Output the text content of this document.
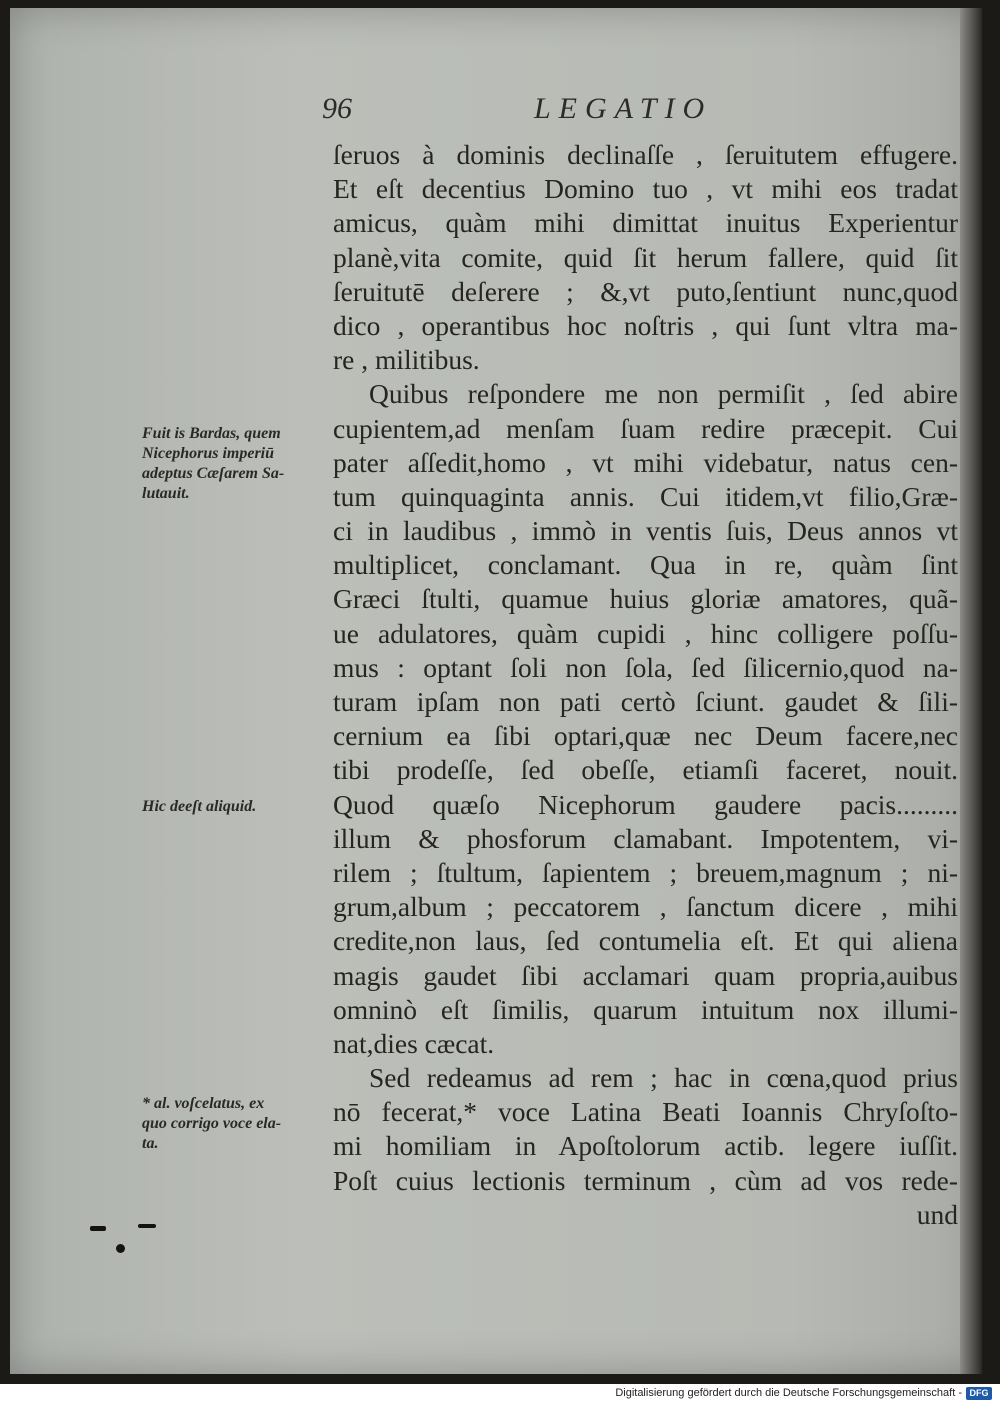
96	LEGATIO
ſeruos à dominis declinaſſe , ſeruitutem effugere.
Et eſt decentius Domino tuo , vt mihi eos tradat
amicus, quàm mihi dimittat inuitus Experientur
planè,vita comite, quid ſit herum fallere, quid ſit
ſeruitutē deſerere ; &,vt puto,ſentiunt nunc,quod
dico , operantibus hoc noſtris , qui ſunt vltra ma-
re , militibus.
Quibus reſpondere me non permiſit , ſed abire
cupientem,ad menſam ſuam redire præcepit. Cui
pater aſſedit,homo , vt mihi videbatur, natus cen-
tum quinquaginta annis. Cui itidem,vt filio,Græ-
ci in laudibus , immò in ventis ſuis, Deus annos vt
multiplicet, conclamant. Qua in re, quàm ſint
Græci ſtulti, quamue huius gloriæ amatores, quã-
ue adulatores, quàm cupidi , hinc colligere poſſu-
mus : optant ſoli non ſola, ſed ſilicernio,quod na-
turam ipſam non pati certò ſciunt. gaudet & ſili-
cernium ea ſibi optari,quæ nec Deum facere,nec
tibi prodeſſe, ſed obeſſe, etiamſi faceret, nouit.
Quod quæſo Nicephorum gaudere pacis.........
illum & phosforum clamabant. Impotentem, vi-
rilem ; ſtultum, ſapientem ; breuem,magnum ; ni-
grum,album ; peccatorem , ſanctum dicere , mihi
credite,non laus, ſed contumelia eſt. Et qui aliena
magis gaudet ſibi acclamari quam propria,auibus
omninò eſt ſimilis, quarum intuitum nox illumi-
nat,dies cæcat.
Sed redeamus ad rem ; hac in cœna,quod prius
nō fecerat,* voce Latina Beati Ioannis Chryſoſto-
mi homiliam in Apoſtolorum actib. legere iuſſit.
Poſt cuius lectionis terminum , cùm ad vos rede-
und
Fuit is Bardas, quem
Nicephorus imperiū
adeptus Cæſarem Sa-
lutauit.
Hic deeſt aliquid.
* al. voſcelatus, ex
quo corrigo voce ela-
ta.
Digitalisierung gefördert durch die Deutsche Forschungsgemeinschaft - DFG
